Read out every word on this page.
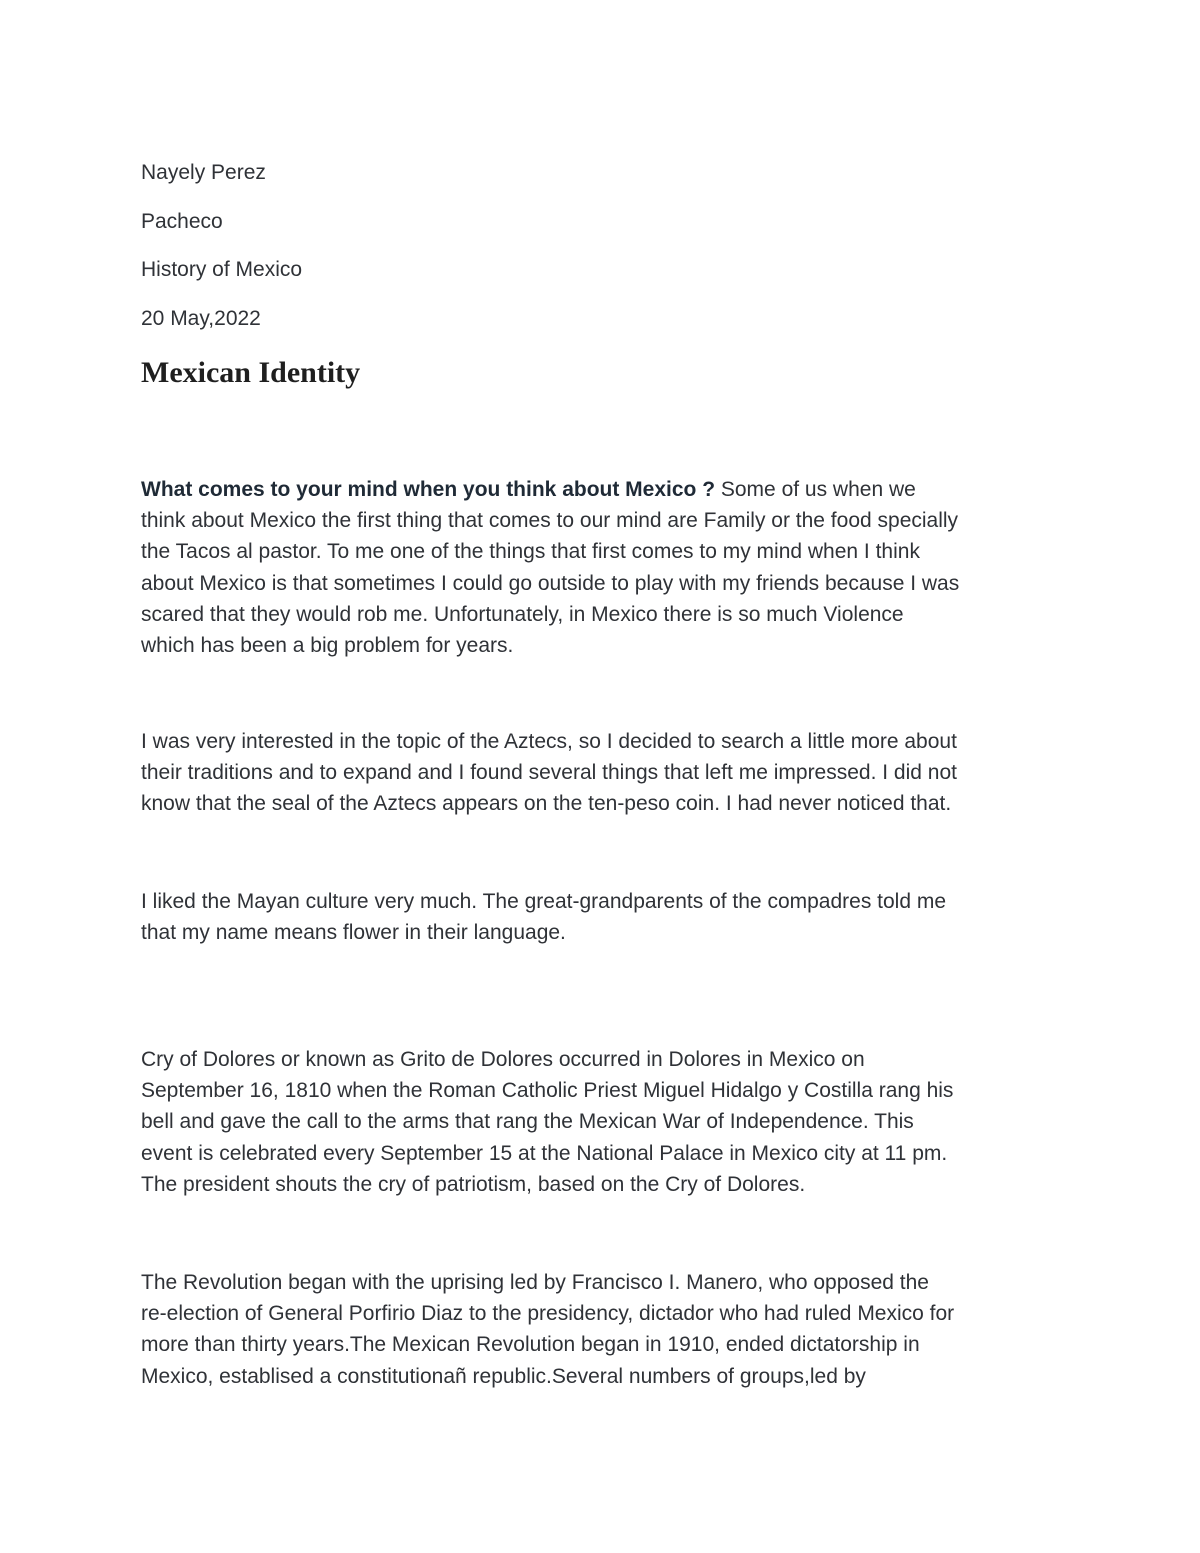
Nayely Perez

Pacheco

History of Mexico

20 May,2022

Mexican Identity
What comes to your mind when you think about Mexico ? Some of us when we
think about Mexico the first thing that comes to our mind are Family or the food specially
the Tacos al pastor. To me one of the things that first comes to my mind when I think
about Mexico is that sometimes I could go outside to play with my friends because I was
scared that they would rob me. Unfortunately, in Mexico there is so much Violence
which has been a big problem for years.
I was very interested in the topic of the Aztecs, so I decided to search a little more about
their traditions and to expand and I found several things that left me impressed. I did not
know that the seal of the Aztecs appears on the ten-peso coin. I had never noticed that.
I liked the Mayan culture very much. The great-grandparents of the compadres told me
that my name means flower in their language.
Cry of Dolores or known as Grito de Dolores occurred in Dolores in Mexico on
September 16, 1810 when the Roman Catholic Priest Miguel Hidalgo y Costilla rang his
bell and gave the call to the arms that rang the Mexican War of Independence. This
event is celebrated every September 15 at the National Palace in Mexico city at 11 pm.
The president shouts the cry of patriotism, based on the Cry of Dolores.
The Revolution began with the uprising led by Francisco I. Manero, who opposed the
re-election of General Porfirio Diaz to the presidency, dictador who had ruled Mexico for
more than thirty years.The Mexican Revolution began in 1910, ended dictatorship in
Mexico, establised a constitutionañ republic.Several numbers of groups,led by
